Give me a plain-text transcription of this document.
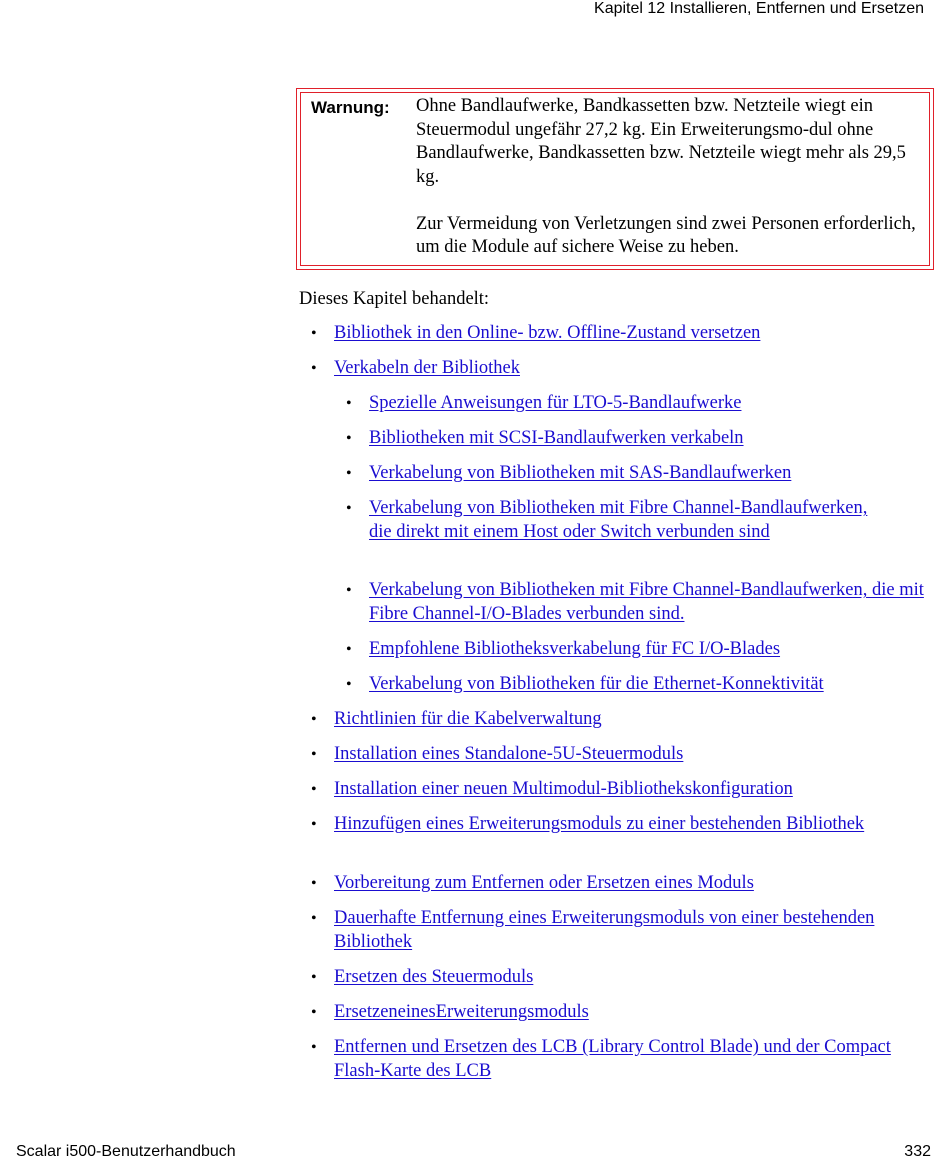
Kapitel 12 Installieren, Entfernen und Ersetzen
Warnung: Ohne Bandlaufwerke, Bandkassetten bzw. Netzteile wiegt ein Steuermodul ungefähr 27,2 kg. Ein Erweiterungsmo-dul ohne Bandlaufwerke, Bandkassetten bzw. Netzteile wiegt mehr als 29,5 kg.

Zur Vermeidung von Verletzungen sind zwei Personen erforderlich, um die Module auf sichere Weise zu heben.

Dieses Kapitel behandelt:
• Bibliothek in den Online- bzw. Offline-Zustand versetzen
• Verkabeln der Bibliothek
• Spezielle Anweisungen für LTO-5-Bandlaufwerke
• Bibliotheken mit SCSI-Bandlaufwerken verkabeln
• Verkabelung von Bibliotheken mit SAS-Bandlaufwerken
• Verkabelung von Bibliotheken mit Fibre Channel-Bandlaufwerken, die direkt mit einem Host oder Switch verbunden sind
• Verkabelung von Bibliotheken mit Fibre Channel-Bandlaufwerken, die mit Fibre Channel-I/O-Blades verbunden sind.
• Empfohlene Bibliotheksverkabelung für FC I/O-Blades
• Verkabelung von Bibliotheken für die Ethernet-Konnektivität
• Richtlinien für die Kabelverwaltung
• Installation eines Standalone-5U-Steuermoduls
• Installation einer neuen Multimodul-Bibliothekskonfiguration
• Hinzufügen eines Erweiterungsmoduls zu einer bestehenden Bibliothek
• Vorbereitung zum Entfernen oder Ersetzen eines Moduls
• Dauerhafte Entfernung eines Erweiterungsmoduls von einer bestehenden Bibliothek
• Ersetzen des Steuermoduls
• ErsetzeneinesErweiterungsmoduls
• Entfernen und Ersetzen des LCB (Library Control Blade) und der Compact Flash-Karte des LCB
Scalar i500-Benutzerhandbuch	332
